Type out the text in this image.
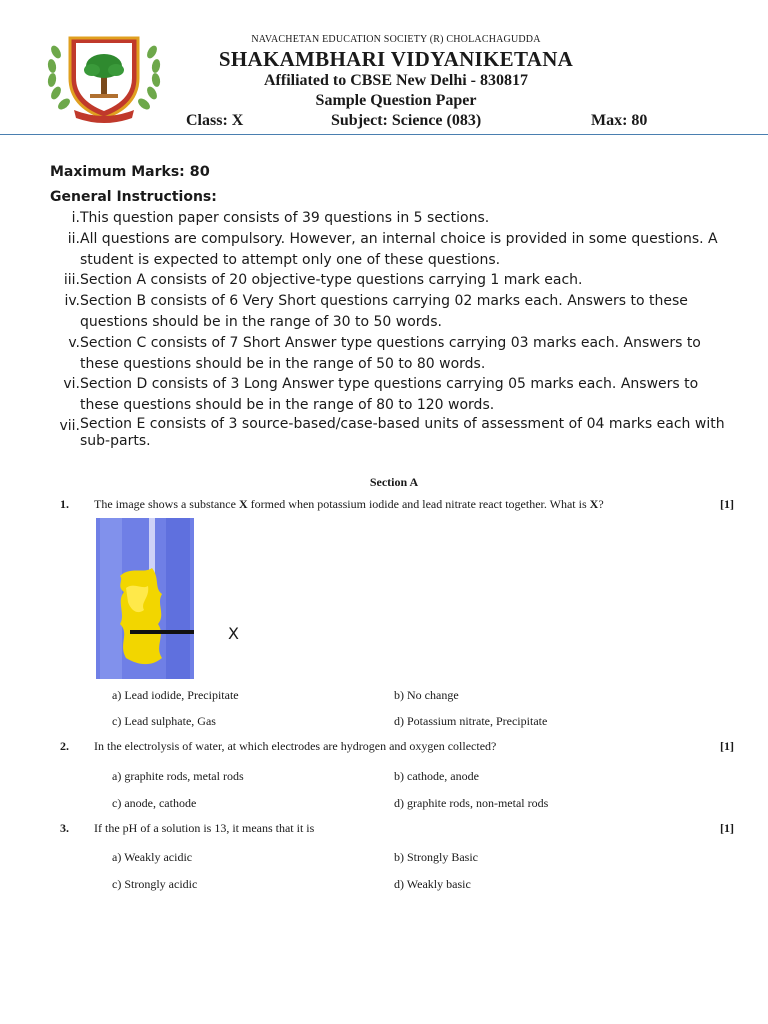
NAVACHETAN EDUCATION SOCIETY (R) CHOLACHAGUDDA
SHAKAMBHARI VIDYANIKETANA
Affiliated to CBSE New Delhi - 830817
Sample Question Paper
Class: X	Subject: Science (083)	Max: 80
Maximum Marks: 80
General Instructions:
i. This question paper consists of 39 questions in 5 sections.
ii. All questions are compulsory. However, an internal choice is provided in some questions. A student is expected to attempt only one of these questions.
iii. Section A consists of 20 objective-type questions carrying 1 mark each.
iv. Section B consists of 6 Very Short questions carrying 02 marks each. Answers to these questions should be in the range of 30 to 50 words.
v. Section C consists of 7 Short Answer type questions carrying 03 marks each. Answers to these questions should be in the range of 50 to 80 words.
vi. Section D consists of 3 Long Answer type questions carrying 05 marks each. Answers to these questions should be in the range of 80 to 120 words.
vii. Section E consists of 3 source-based/case-based units of assessment of 04 marks each with sub-parts.
Section A
1. The image shows a substance X formed when potassium iodide and lead nitrate react together. What is X?	[1]
X
a) Lead iodide, Precipitate	b) No change
c) Lead sulphate, Gas	d) Potassium nitrate, Precipitate
2. In the electrolysis of water, at which electrodes are hydrogen and oxygen collected?	[1]
a) graphite rods, metal rods	b) cathode, anode
c) anode, cathode	d) graphite rods, non-metal rods
3. If the pH of a solution is 13, it means that it is	[1]
a) Weakly acidic	b) Strongly Basic
c) Strongly acidic	d) Weakly basic
